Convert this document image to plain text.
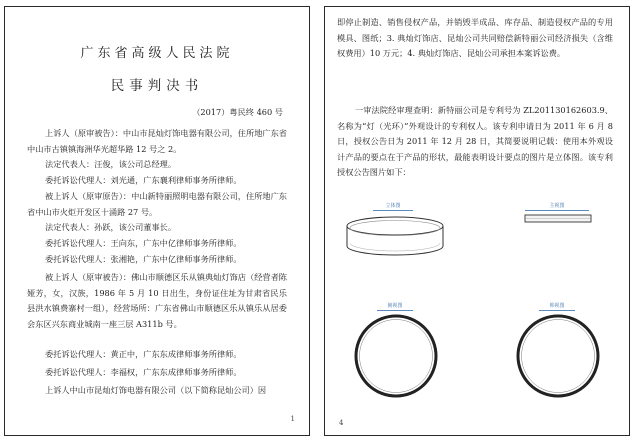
广东省高级人民法院
民事判决书
（2017）粤民终 460 号
上诉人（原审被告）：中山市昆灿灯饰电器有限公司，住所地广东省中山市古镇镇海洲华光超华路 12 号之 2。
法定代表人：汪俊，该公司总经理。
委托诉讼代理人：刘光通，广东襄利律师事务所律师。
被上诉人（原审原告）：中山新特丽照明电器有限公司，住所地广东省中山市火炬开发区十涌路 27 号。
法定代表人：孙跃，该公司董事长。
委托诉讼代理人：王向东，广东中亿律师事务所律师。
委托诉讼代理人：张湘艳，广东中亿律师事务所律师。
被上诉人（原审被告）：佛山市顺德区乐从镇典灿灯饰店（经营者陈娅芳，女，汉族，1986 年 5 月 10 日出生，身份证住址为甘肃省民乐县洪水镇费寨村一组），经营场所：广东省佛山市顺德区乐从镇乐从居委会东区兴东商业城南一座三层 A311b 号。
委托诉讼代理人：黄正中，广东东成律师事务所律师。
委托诉讼代理人：李福权，广东东成律师事务所律师。
上诉人中山市昆灿灯饰电器有限公司（以下简称昆灿公司）因
1
即停止制造、销售侵权产品，并销毁半成品、库存品、制造侵权产品的专用模具、图纸；3. 典灿灯饰店、昆灿公司共同赔偿新特丽公司经济损失（含维权费用）10 万元；4. 典灿灯饰店、昆灿公司承担本案诉讼费。
一审法院经审理查明：新特丽公司是专利号为 ZL201130162603.9、名称为“灯（光环）”外观设计的专利权人。该专利申请日为 2011 年 6 月 8 日，授权公告日为 2011 年 12 月 28 日，其简要说明记载：使用本外观设计产品的要点在于产品的形状，最能表明设计要点的图片是立体图。该专利授权公告图片如下：
立体图	主视图
俯视图	仰视图
4
